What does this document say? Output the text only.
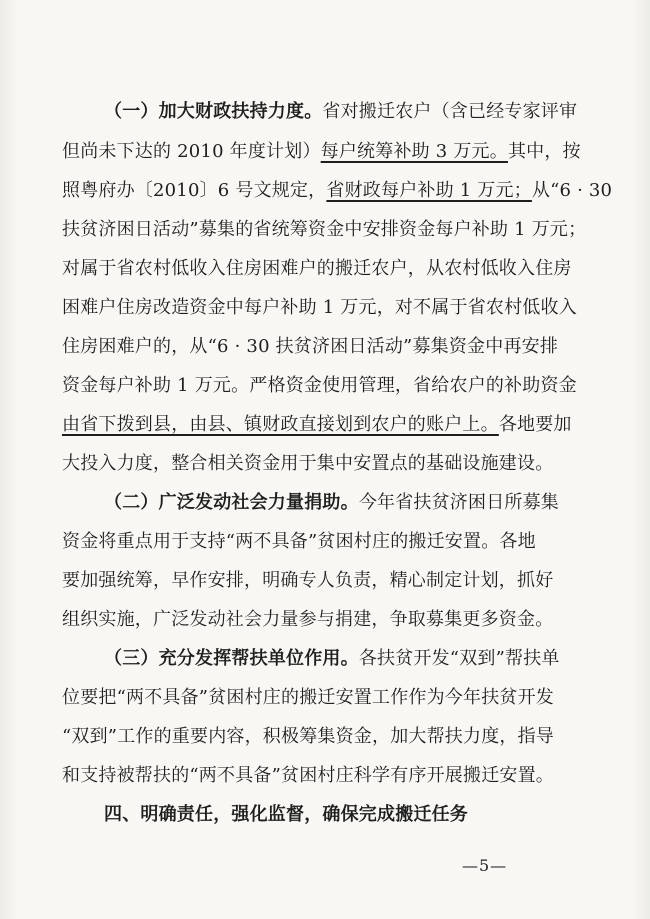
（一）加大财政扶持力度。省对搬迁农户（含已经专家评审
但尚未下达的 2010 年度计划）每户统筹补助 3 万元。其中，按
照粤府办〔2010〕6 号文规定，省财政每户补助 1 万元；从“6 · 30
扶贫济困日活动”募集的省统筹资金中安排资金每户补助 1 万元；
对属于省农村低收入住房困难户的搬迁农户，从农村低收入住房
困难户住房改造资金中每户补助 1 万元，对不属于省农村低收入
住房困难户的，从“6 · 30 扶贫济困日活动”募集资金中再安排
资金每户补助 1 万元。严格资金使用管理，省给农户的补助资金
由省下拨到县，由县、镇财政直接划到农户的账户上。各地要加
大投入力度，整合相关资金用于集中安置点的基础设施建设。
（二）广泛发动社会力量捐助。今年省扶贫济困日所募集
资金将重点用于支持“两不具备”贫困村庄的搬迁安置。各地
要加强统筹，早作安排，明确专人负责，精心制定计划，抓好
组织实施，广泛发动社会力量参与捐建，争取募集更多资金。
（三）充分发挥帮扶单位作用。各扶贫开发“双到”帮扶单
位要把“两不具备”贫困村庄的搬迁安置工作作为今年扶贫开发
“双到”工作的重要内容，积极筹集资金，加大帮扶力度，指导
和支持被帮扶的“两不具备”贫困村庄科学有序开展搬迁安置。
四、明确责任，强化监督，确保完成搬迁任务
—5—
